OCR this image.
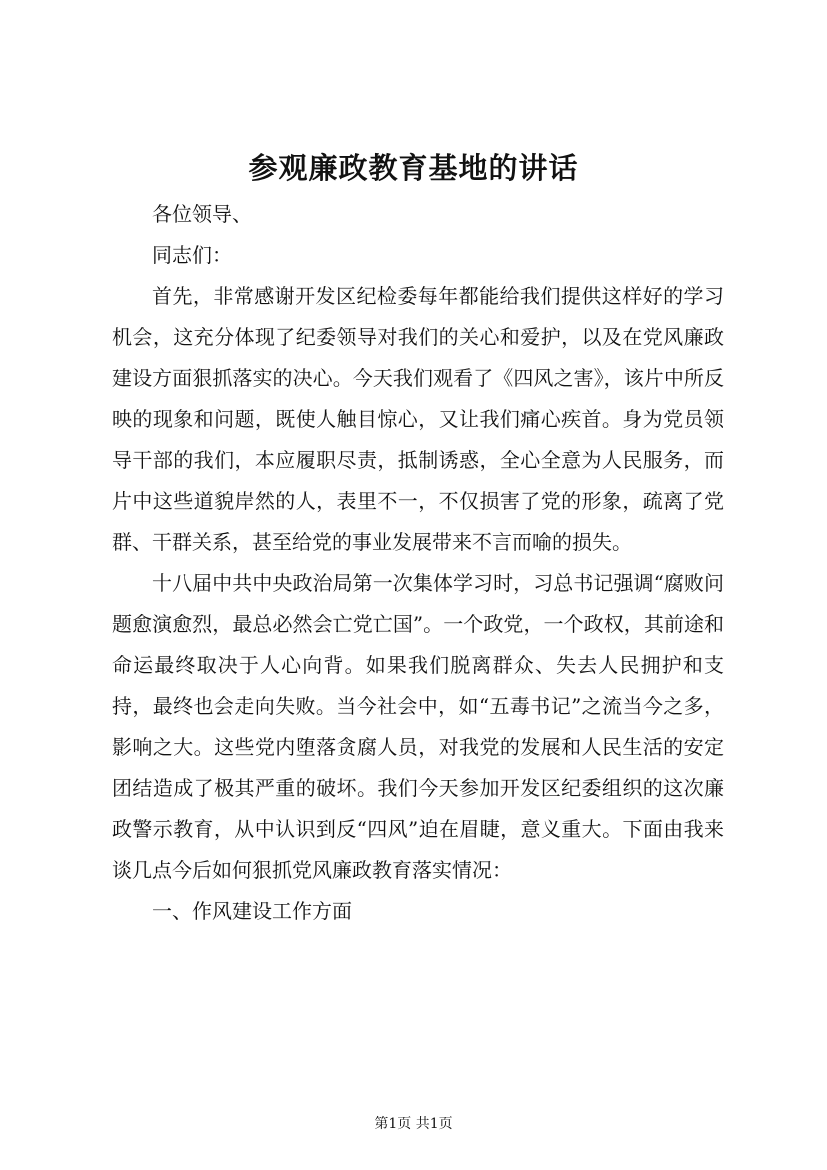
参观廉政教育基地的讲话

各位领导、

同志们：

首先，非常感谢开发区纪检委每年都能给我们提供这样好的学习机会，这充分体现了纪委领导对我们的关心和爱护，以及在党风廉政建设方面狠抓落实的决心。今天我们观看了《四风之害》，该片中所反映的现象和问题，既使人触目惊心，又让我们痛心疾首。身为党员领导干部的我们，本应履职尽责，抵制诱惑，全心全意为人民服务，而片中这些道貌岸然的人，表里不一，不仅损害了党的形象，疏离了党群、干群关系，甚至给党的事业发展带来不言而喻的损失。

十八届中共中央政治局第一次集体学习时，习总书记强调“腐败问题愈演愈烈，最总必然会亡党亡国”。一个政党，一个政权，其前途和命运最终取决于人心向背。如果我们脱离群众、失去人民拥护和支持，最终也会走向失败。当今社会中，如“五毒书记”之流当今之多，影响之大。这些党内堕落贪腐人员，对我党的发展和人民生活的安定团结造成了极其严重的破坏。我们今天参加开发区纪委组织的这次廉政警示教育，从中认识到反“四风”迫在眉睫，意义重大。下面由我来谈几点今后如何狠抓党风廉政教育落实情况：

一、作风建设工作方面

第1页 共1页
